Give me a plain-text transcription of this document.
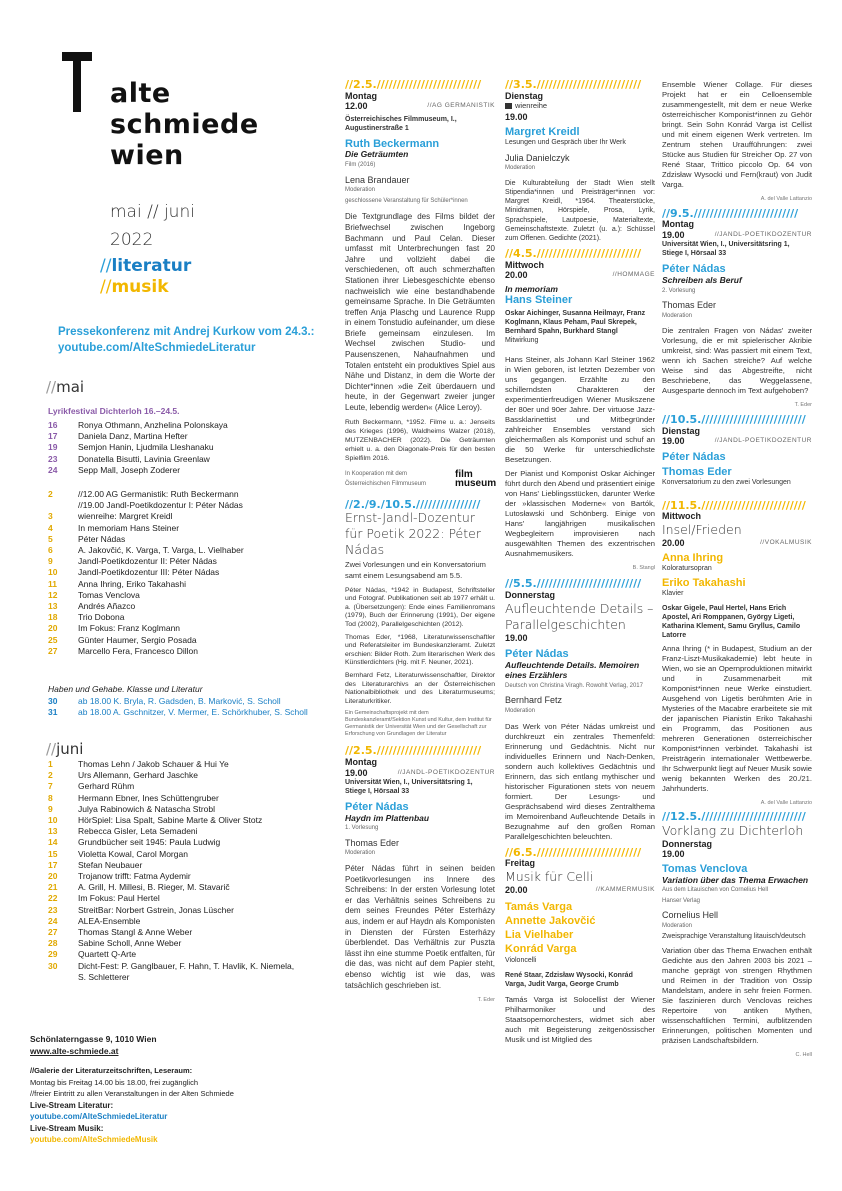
alte
schmiede
wien
mai // juni
2022
//literatur
//musik
Pressekonferenz mit Andrej Kurkow vom 24.3.:
youtube.com/AlteSchmiedeLiteratur
//mai
Lyrikfestival Dichterloh 16.–24.5.
16	Ronya Othmann, Anzhelina Polonskaya
17	Daniela Danz, Martina Hefter
19	Semjon Hanin, Ljudmila Lleshanaku
23	Donatella Bisutti, Lavinia Greenlaw
24	Sepp Mall, Joseph Zoderer
2	//12.00 AG Germanistik: Ruth Beckermann
//19.00 Jandl-Poetikdozentur I: Péter Nádas
3	wienreihe: Margret Kreidl
4	In memoriam Hans Steiner
5	Péter Nádas
6	A. Jakovčić, K. Varga, T. Varga, L. Vielhaber
9	Jandl-Poetikdozentur II: Péter Nádas
10	Jandl-Poetikdozentur III: Péter Nádas
11	Anna Ihring, Eriko Takahashi
12	Tomas Venclova
13	Andrés Añazco
18	Trio Dobona
20	Im Fokus: Franz Koglmann
25	Günter Haumer, Sergio Posada
27	Marcello Fera, Francesco Dillon
Haben und Gehabe. Klasse und Literatur
30	ab 18.00 K. Bryla, R. Gadsden, B. Marković, S. Scholl
31	ab 18.00 A. Gschnitzer, V. Mermer, E. Schörkhuber, S. Scholl
//juni
1	Thomas Lehn / Jakob Schauer & Hui Ye
2	Urs Allemann, Gerhard Jaschke
7	Gerhard Rühm
8	Hermann Ebner, Ines Schüttengruber
9	Julya Rabinowich & Natascha Strobl
10	HörSpiel: Lisa Spalt, Sabine Marte & Oliver Stotz
13	Rebecca Gisler, Leta Semadeni
14	Grundbücher seit 1945: Paula Ludwig
15	Violetta Kowal, Carol Morgan
17	Stefan Neubauer
20	Trojanow trifft: Fatma Aydemir
21	A. Grill, H. Millesi, B. Rieger, M. Stavarič
22	Im Fokus: Paul Hertel
23	StreitBar: Norbert Gstrein, Jonas Lüscher
24	ALEA-Ensemble
27	Thomas Stangl & Anne Weber
28	Sabine Scholl, Anne Weber
29	Quartett Q-Arte
30	Dicht-Fest: P. Ganglbauer, F. Hahn, T. Havlik, K. Niemela,
S. Schletterer
Schönlaterngasse 9, 1010 Wien
www.alte-schmiede.at
//Galerie der Literaturzeitschriften, Leseraum:
Montag bis Freitag 14.00 bis 18.00, frei zugänglich
//freier Eintritt zu allen Veranstaltungen in der Alten Schmiede
Live-Stream Literatur:
youtube.com/AlteSchmiedeLiteratur
Live-Stream Musik:
youtube.com/AlteSchmiedeMusik
//2.5.//////////////////////////
Montag
12.00	//AG GERMANISTIK
Österreichisches Filmmuseum, I., Augustinerstraße 1
Ruth Beckermann
Die Geträumten
Film (2016)
Lena Brandauer
Moderation
geschlossene Veranstaltung für Schüler*innen

Die Textgrundlage des Films bildet der Briefwechsel zwischen Ingeborg Bachmann und Paul Celan. Dieser umfasst mit Unterbrechungen fast 20 Jahre und vollzieht dabei die verschiedenen, oft auch schmerzhaften Stationen ihrer Liebesgeschichte ebenso nachweislich wie eine bestandhabende gemeinsame Sprache. In Die Geträumten treffen Anja Plaschg und Laurence Rupp in einem Tonstudio aufeinander, um diese Briefe gemeinsam einzulesen. Im Wechsel zwischen Studio- und Pausenszenen, Nahaufnahmen und Totalen entsteht ein produktives Spiel aus Nähe und Distanz, in dem die Worte der Dichter*innen »die Zeit überdauern und heute, in der Gegenwart zweier junger Leute, lebendig werden« (Alice Leroy).

Ruth Beckermann, *1952. Filme u. a.: Jenseits des Krieges (1996), Waldheims Walzer (2018), MUTZENBACHER (2022). Die Geträumten erhielt u. a. den Diagonale-Preis für den besten Spielfilm 2016.

In Kooperation mit dem Österreichischen Filmmuseum
film museum
//2./9./10.5.////////////////
Ernst-Jandl-Dozentur für Poetik 2022: Péter Nádas
Zwei Vorlesungen und ein Konversatorium samt einem Lesungsabend am 5.5.

Péter Nádas, *1942 in Budapest, Schriftsteller und Fotograf. Publikationen seit ab 1977 erhält u. a. (Übersetzungen): Ende eines Familienromans (1979), Buch der Erinnerung (1991), Der eigene Tod (2002), Parallelgeschichten (2012).

Thomas Eder, *1968, Literaturwissenschaftler und Referatsleiter im Bundeskanzleramt. Zuletzt erschien: Bilder Roth. Zum literarischen Werk des Künstlerdichters (Hg. mit F. Neuner, 2021).

Bernhard Fetz, Literaturwissenschaftler, Direktor des Literaturarchivs an der Österreichischen Nationalbibliothek und des Literaturmuseums; Literaturkritiker.

Ein Gemeinschaftsprojekt mit dem Bundeskanzleramt/Sektion Kunst und Kultur, dem Institut für Germanistik der Universität Wien und der Gesellschaft zur Erforschung von Grundlagen der Literatur
//2.5.//////////////////////////
Montag
19.00	//JANDL-POETIKDOZENTUR
Universität Wien, I., Universitätsring 1, Stiege I, Hörsaal 33
Péter Nádas
Haydn im Plattenbau
1. Vorlesung
Thomas Eder
Moderation

Péter Nádas führt in seinen beiden Poetikvorlesungen ins Innere des Schreibens: In der ersten Vorlesung lotet er das Verhältnis seines Schreibens zu dem seines Freundes Péter Esterházy aus, indem er auf Haydn als Komponisten in Diensten der Fürsten Esterházy überblendet. Das Verhältnis zur Puszta lässt ihn eine stumme Poetik entfalten, für die das, was nicht auf dem Papier steht, ebenso wichtig ist wie das, was tatsächlich geschrieben ist.

T. Eder
//3.5.//////////////////////////
Dienstag
wienreihe
19.00
Margret Kreidl
Lesungen und Gespräch über Ihr Werk
Julia Danielczyk
Moderation

Die Kulturabteilung der Stadt Wien stellt Stipendia*innen und Preisträger*innen vor: Margret Kreidl, *1964. Theaterstücke, Minidramen, Hörspiele, Prosa, Lyrik, Sprachspiele, Lautpoesie, Materialtexte, Gemeinschaftstexte. Zuletzt (u. a.): Schüssel zum Offenen. Gedichte (2021).

//4.5.//////////////////////////
Mittwoch
20.00	//HOMMAGE
In memoriam
Hans Steiner
Oskar Aichinger, Susanna Heilmayr, Franz Koglmann, Klaus Peham, Paul Skrepek, Bernhard Spahn, Burkhard Stangl
Mitwirkung

Hans Steiner, als Johann Karl Steiner 1962 in Wien geboren, ist letzten Dezember von uns gegangen. Erzählte zu den schillerndsten Charakteren der experimentierfreudigen Wiener Musikszene der 80er und 90er Jahre. Der virtuose Jazz-Bassklarinettist und Mitbegründer zahlreicher Ensembles verstand sich gleichermaßen als Komponist und schuf an die 50 Werke für unterschiedlichste Besetzungen.

Der Pianist und Komponist Oskar Aichinger führt durch den Abend und präsentiert einige von Hans' Lieblingsstücken, darunter Werke der »klassischen Moderne« von Bartók, Lutosławski und Schönberg. Einige von Hans' langjährigen musikalischen Wegbegleitern improvisieren nach ausgewählten Themen des exzentrischen Ausnahmemusikers.

B. Stangl
//5.5.//////////////////////////
Donnerstag
Aufleuchtende Details – Parallelgeschichten
19.00
Péter Nádas
Aufleuchtende Details. Memoiren eines Erzählers
Deutsch von Christina Viragh. Rowohlt Verlag, 2017
Bernhard Fetz
Moderation

Das Werk von Péter Nádas umkreist und durchkreuzt ein zentrales Themenfeld: Erinnerung und Gedächtnis. Nicht nur individuelles Erinnern und Nach-Denken, sondern auch kollektives Gedächtnis und Erinnern, das sich entlang mythischer und historischer Figurationen stets von neuem formiert. Der Lesungs- und Gesprächsabend wird dieses Zentralthema im Memoirenband Aufleuchtende Details in Bezugnahme auf den großen Roman Parallelgeschichten beleuchten.

//6.5.//////////////////////////
Freitag
Musik für Celli
20.00	//KAMMERMUSIK
Tamás Varga
Annette Jakovčić
Lia Vielhaber
Konrád Varga
Violoncelli
René Staar, Zdzisław Wysocki, Konrád Varga, Judit Varga, George Crumb

Tamás Varga ist Solocellist der Wiener Philharmoniker und des Staatsopernorchesters, widmet sich aber auch mit Begeisterung zeitgenössischer Musik und ist Mitglied des

Ensemble Wiener Collage. Für dieses Projekt hat er ein Celloensemble zusammengestellt, mit dem er neue Werke österreichischer Komponist*innen zu Gehör bringt. Sein Sohn Konrád Varga ist Cellist und mit einem eigenen Werk vertreten. Im Zentrum stehen Uraufführungen: zwei Stücke aus Studien für Streicher Op. 27 von René Staar, Trittico piccolo Op. 64 von Zdzisław Wysocki und Fern(kraut) von Judit Varga.

A. del Valle Lattanzio
//9.5.//////////////////////////
Montag
19.00	//JANDL-POETIKDOZENTUR
Universität Wien, I., Universitätsring 1, Stiege I, Hörsaal 33
Péter Nádas
Schreiben als Beruf
2. Vorlesung
Thomas Eder
Moderation

Die zentralen Fragen von Nádas' zweiter Vorlesung, die er mit spielerischer Akribie umkreist, sind: Was passiert mit einem Text, wenn ich Sachen streiche? Auf welche Weise sind das Abgestreifte, nicht Beschriebene, das Weggelassene, Ausgesparte dennoch im Text aufgehoben?

T. Eder
//10.5.//////////////////////////
Dienstag
19.00	//JANDL-POETIKDOZENTUR
Péter Nádas
Thomas Eder
Konversatorium zu den zwei Vorlesungen
//11.5.//////////////////////////
Mittwoch
Insel/Frieden
20.00	//VOKALMUSIK
Anna Ihring
Koloratursopran
Eriko Takahashi
Klavier
Oskar Gigele, Paul Hertel, Hans Erich Apostel, Ari Romppanen, György Ligeti, Katharina Klement, Samu Gryllus, Camilo Latorre

Anna Ihring (* in Budapest, Studium an der Franz-Liszt-Musikakademie) lebt heute in Wien, wo sie an Opernproduktionen mitwirkt und in Zusammenarbeit mit Komponist*innen neue Werke einstudiert. Ausgehend von Ligetis berühmten Arie in Mysteries of the Macabre erarbeitete sie mit der japanischen Pianistin Eriko Takahashi ein Programm, das Positionen aus mehreren Generationen österreichischer Komponist*innen verbindet. Takahashi ist Preisträgerin internationaler Wettbewerbe. Ihr Schwerpunkt liegt auf Neuer Musik sowie wenig bekannten Werken des 20./21. Jahrhunderts.

A. del Valle Lattanzio
//12.5.//////////////////////////
Vorklang zu Dichterloh
Donnerstag
19.00
Tomas Venclova
Variation über das Thema Erwachen
Aus dem Litauischen von Cornelius Hell
Hanser Verlag
Cornelius Hell
Moderation
Zweisprachige Veranstaltung litauisch/deutsch

Variation über das Thema Erwachen enthält Gedichte aus den Jahren 2003 bis 2021 – manche geprägt von strengen Rhythmen und Reimen in der Tradition von Ossip Mandelstam, andere in sehr freien Formen. Sie faszinieren durch Venclovas reiches Repertoire von antiken Mythen, wissenschaftlichen Termini, aufblitzenden Erinnerungen, politischen Momenten und präzisen Landschaftsbildern.

C. Hell
